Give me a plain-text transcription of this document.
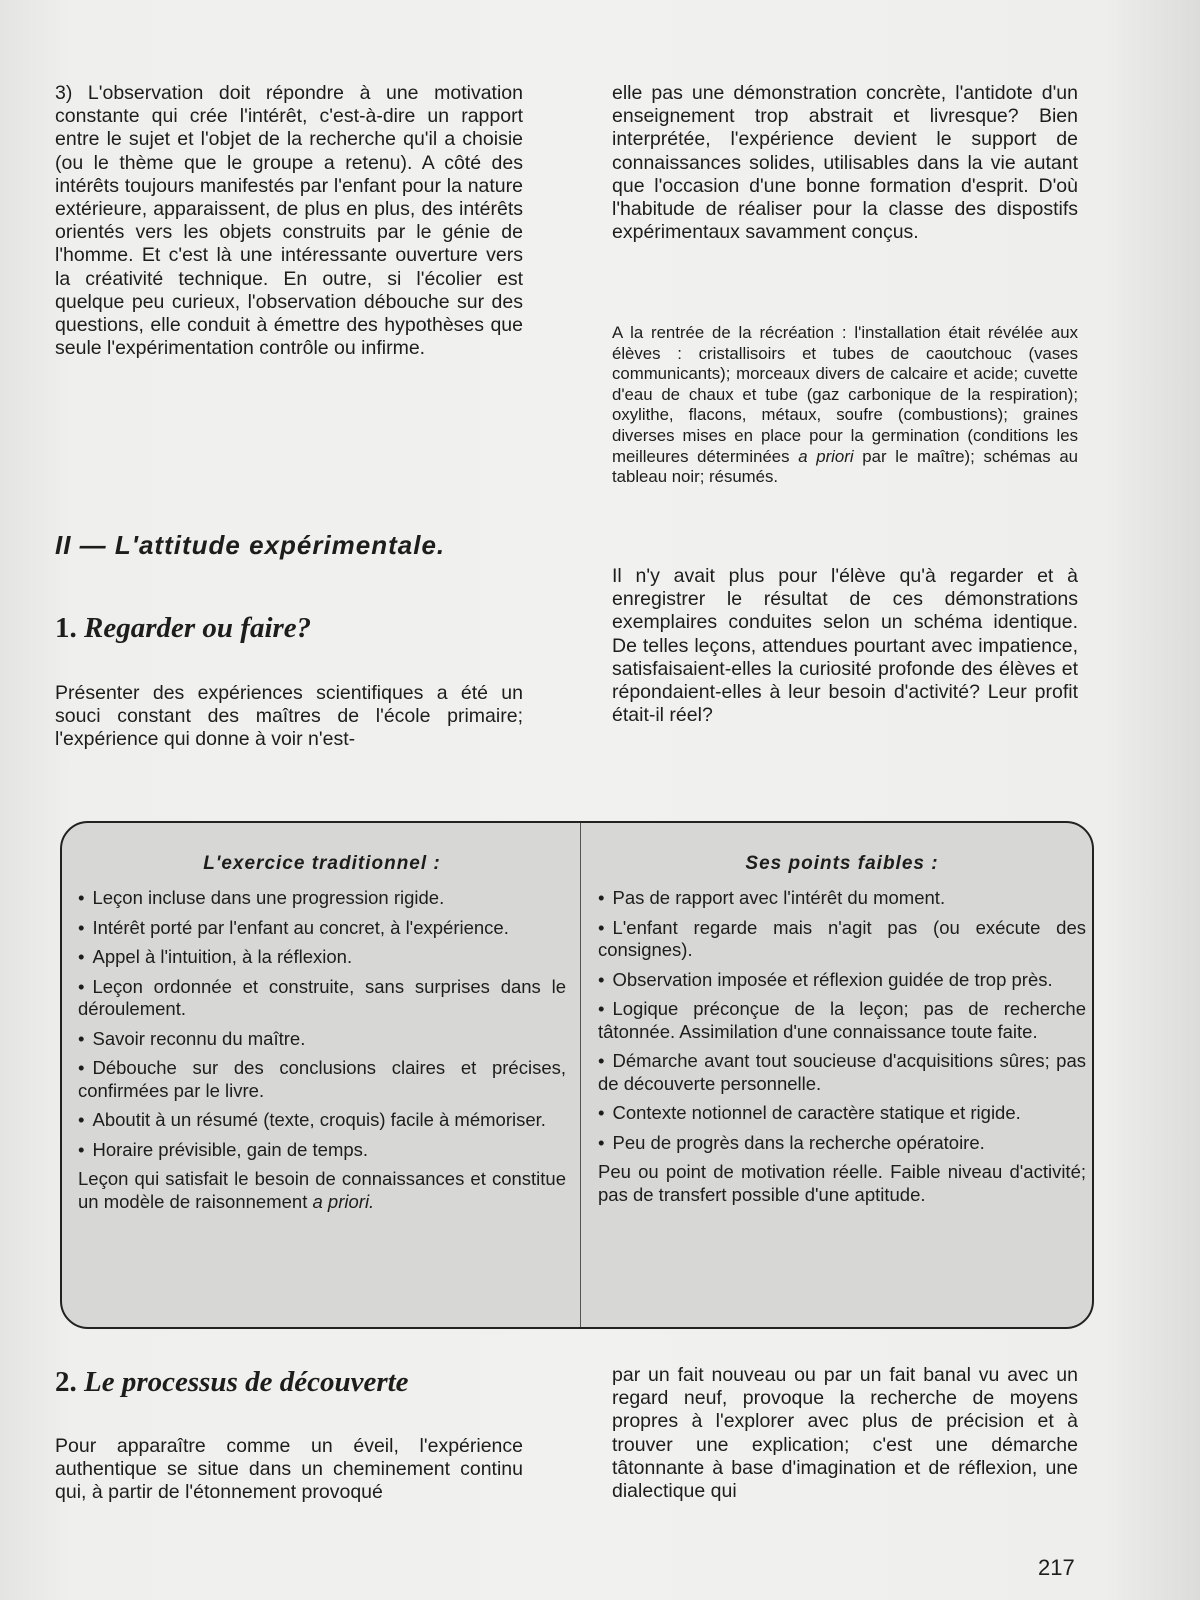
3) L'observation doit répondre à une motivation constante qui crée l'intérêt, c'est-à-dire un rapport entre le sujet et l'objet de la recherche qu'il a choisie (ou le thème que le groupe a retenu). A côté des intérêts toujours manifestés par l'enfant pour la nature extérieure, apparaissent, de plus en plus, des intérêts orientés vers les objets construits par le génie de l'homme. Et c'est là une intéressante ouverture vers la créativité technique. En outre, si l'écolier est quelque peu curieux, l'observation débouche sur des questions, elle conduit à émettre des hypothèses que seule l'expérimentation contrôle ou infirme.

II — L'attitude expérimentale.
1. Regarder ou faire?

Présenter des expériences scientifiques a été un souci constant des maîtres de l'école primaire; l'expérience qui donne à voir n'est-

elle pas une démonstration concrète, l'antidote d'un enseignement trop abstrait et livresque? Bien interprétée, l'expérience devient le support de connaissances solides, utilisables dans la vie autant que l'occasion d'une bonne formation d'esprit. D'où l'habitude de réaliser pour la classe des dispostifs expérimentaux savamment conçus.

A la rentrée de la récréation : l'installation était révélée aux élèves : cristallisoirs et tubes de caoutchouc (vases communicants); morceaux divers de calcaire et acide; cuvette d'eau de chaux et tube (gaz carbonique de la respiration); oxylithe, flacons, métaux, soufre (combustions); graines diverses mises en place pour la germination (conditions les meilleures déterminées a priori par le maître); schémas au tableau noir; résumés.

Il n'y avait plus pour l'élève qu'à regarder et à enregistrer le résultat de ces démonstrations exemplaires conduites selon un schéma identique. De telles leçons, attendues pourtant avec impatience, satisfaisaient-elles la curiosité profonde des élèves et répondaient-elles à leur besoin d'activité? Leur profit était-il réel?

L'exercice traditionnel :

• Leçon incluse dans une progression rigide.

• Intérêt porté par l'enfant au concret, à l'expérience.

• Appel à l'intuition, à la réflexion.

• Leçon ordonnée et construite, sans surprises dans le déroulement.

• Savoir reconnu du maître.

• Débouche sur des conclusions claires et précises, confirmées par le livre.

• Aboutit à un résumé (texte, croquis) facile à mémoriser.

• Horaire prévisible, gain de temps.

Leçon qui satisfait le besoin de connaissances et constitue un modèle de raisonnement a priori.
Ses points faibles :

• Pas de rapport avec l'intérêt du moment.

• L'enfant regarde mais n'agit pas (ou exécute des consignes).

• Observation imposée et réflexion guidée de trop près.

• Logique préconçue de la leçon; pas de recherche tâtonnée. Assimilation d'une connaissance toute faite.

• Démarche avant tout soucieuse d'acquisitions sûres; pas de découverte personnelle.

• Contexte notionnel de caractère statique et rigide.

• Peu de progrès dans la recherche opératoire.

Peu ou point de motivation réelle. Faible niveau d'activité; pas de transfert possible d'une aptitude.
2. Le processus de découverte

Pour apparaître comme un éveil, l'expérience authentique se situe dans un cheminement continu qui, à partir de l'étonnement provoqué

par un fait nouveau ou par un fait banal vu avec un regard neuf, provoque la recherche de moyens propres à l'explorer avec plus de précision et à trouver une explication; c'est une démarche tâtonnante à base d'imagination et de réflexion, une dialectique qui

217
